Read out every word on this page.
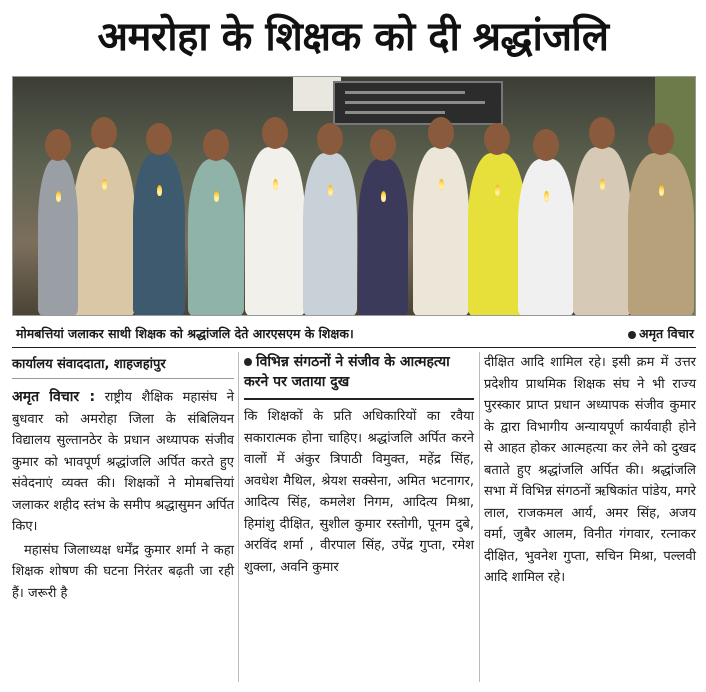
अमरोहा के शिक्षक को दी श्रद्धांजलि
मोमबत्तियां जलाकर साथी शिक्षक को श्रद्धांजलि देते आरएसएम के शिक्षक।	अमृत विचार
कार्यालय संवाददाता, शाहजहांपुर

अमृत विचार : राष्ट्रीय शैक्षिक महासंघ ने बुधवार को अमरोहा जिला के संबिलियन विद्यालय सुल्तानठेर के प्रधान अध्यापक संजीव कुमार को भावपूर्ण श्रद्धांजलि अर्पित करते हुए संवेदनाएं व्यक्त की। शिक्षकों ने मोमबत्तियां जलाकर शहीद स्तंभ के समीप श्रद्धासुमन अर्पित किए।

महासंघ जिलाध्यक्ष धर्मेंद्र कुमार शर्मा ने कहा शिक्षक शोषण की घटना निरंतर बढ़ती जा रही हैं। जरूरी है

विभिन्न संगठनों ने संजीव के आत्महत्या करने पर जताया दुख

कि शिक्षकों के प्रति अधिकारियों का रवैया सकारात्मक होना चाहिए। श्रद्धांजलि अर्पित करने वालों में अंकुर त्रिपाठी विमुक्त, महेंद्र सिंह, अवधेश मैथिल, श्रेयश सक्सेना, अमित भटनागर, आदित्य सिंह, कमलेश निगम, आदित्य मिश्रा, हिमांशु दीक्षित, सुशील कुमार रस्तोगी, पूनम दुबे, अरविंद शर्मा , वीरपाल सिंह, उपेंद्र गुप्ता, रमेश शुक्ला, अवनि कुमार

दीक्षित आदि शामिल रहे। इसी क्रम में उत्तर प्रदेशीय प्राथमिक शिक्षक संघ ने भी राज्य पुरस्कार प्राप्त प्रधान अध्यापक संजीव कुमार के द्वारा विभागीय अन्यायपूर्ण कार्यवाही होने से आहत होकर आत्महत्या कर लेने को दुखद बताते हुए श्रद्धांजलि अर्पित की। श्रद्धांजलि सभा में विभिन्न संगठनों ऋषिकांत पांडेय, मगरे लाल, राजकमल आर्य, अमर सिंह, अजय वर्मा, जुबैर आलम, विनीत गंगवार, रत्नाकर दीक्षित, भुवनेश गुप्ता, सचिन मिश्रा, पल्लवी आदि शामिल रहे।
